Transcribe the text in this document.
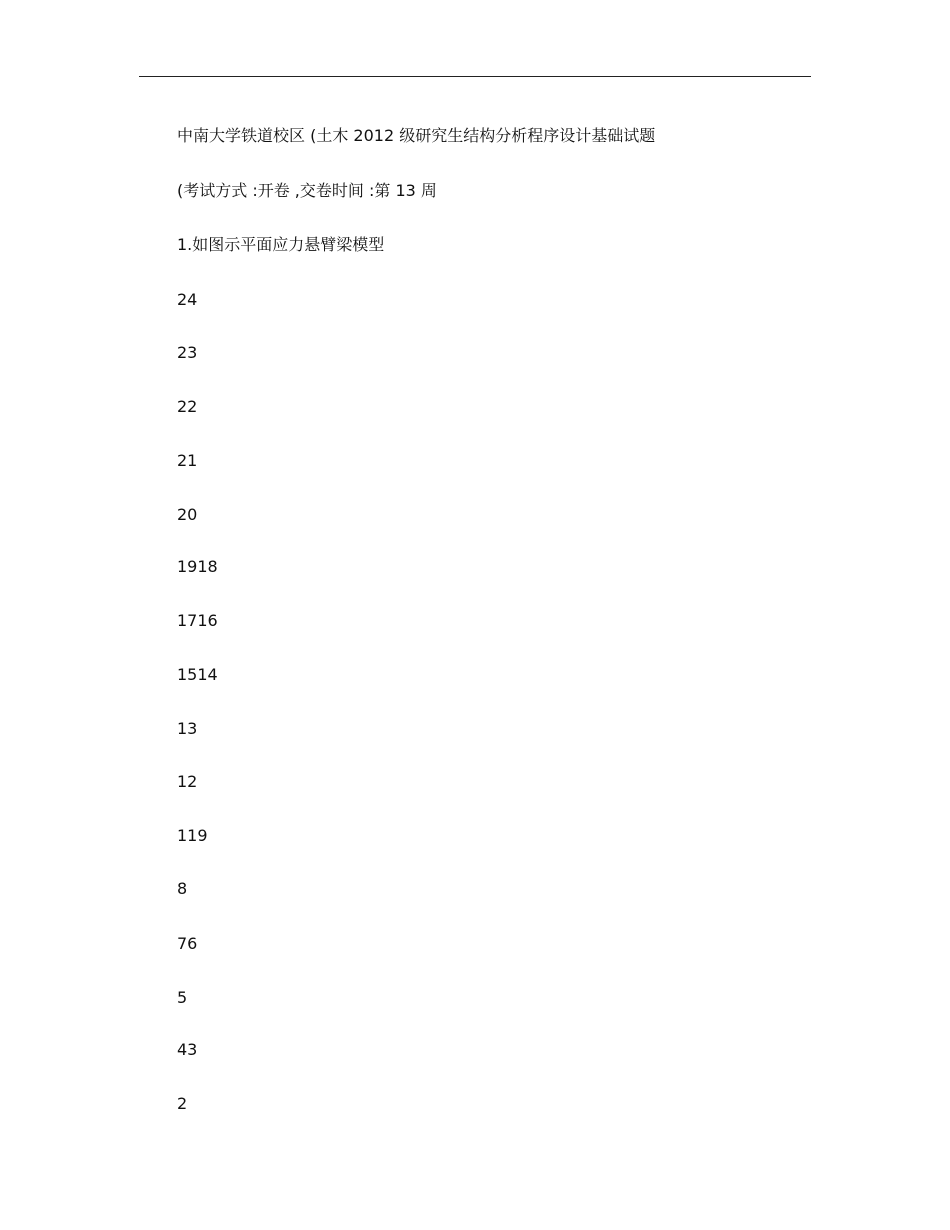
中南大学铁道校区 (土木 2012 级研究生结构分析程序设计基础试题
(考试方式 :开卷 ,交卷时间 :第 13 周
1.如图示平面应力悬臂梁模型
24
23
22
21
20
1918
1716
1514
13
12
119
8
76
5
43
2
